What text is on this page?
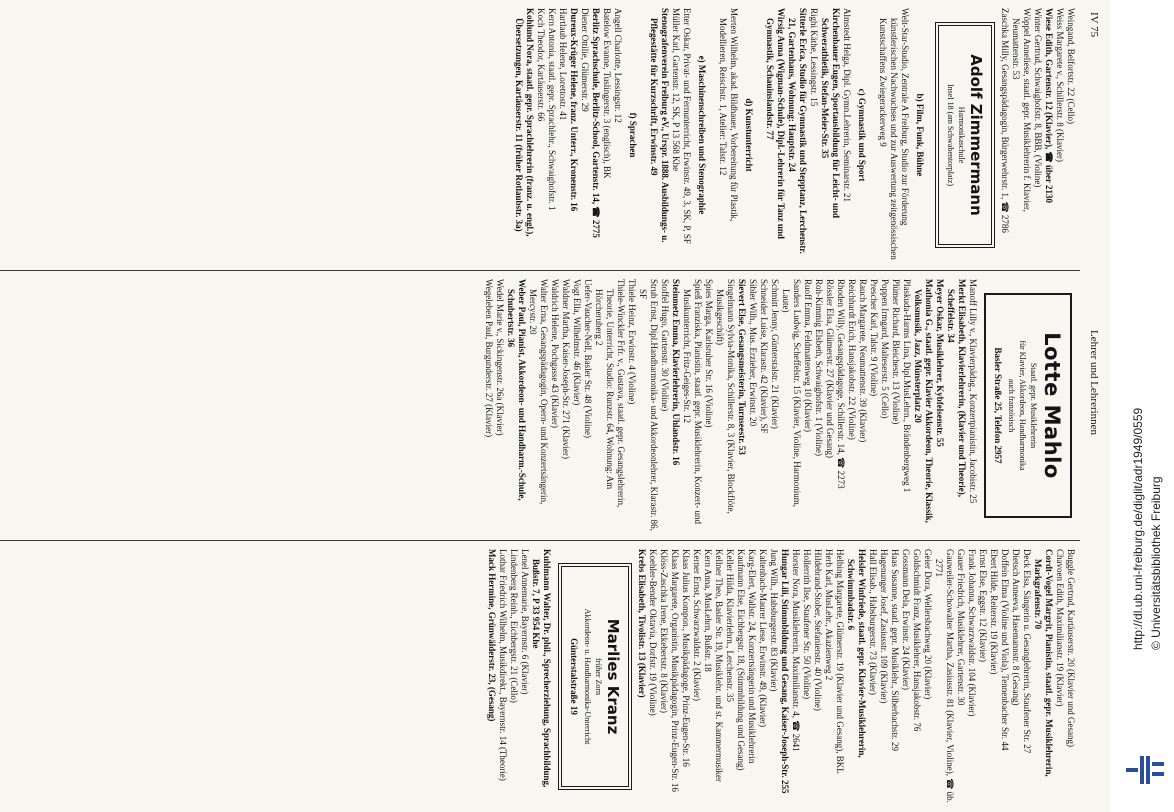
IV 75
Lehrer und Lehrerinnen
Weingand, Belfortstr. 22 (Cello)
Weiss Margarete v., Schillerstr. 8 (Klavier)
Wiese Edith, Gartenstr. 12 (Klavier), ☎ über 2130
Winter Gertrud, Schwaighofstr. 8, BBB, (Violine)
Wöppel Anneliese, staatl. gepr. Musiklehrerin f. Klavier, Neumattenstr. 53
Zaschka Milly, Gesangspädagogin, Bürgerwehrstr. 1, ☎ 2786
Adolf Zimmermann
Harmonikaschule
Insel 18 (am Schwabentorplatz)
b) Film, Funk, Bühne
Welt-Star-Studio, Zentrale A Freiburg, Studio zur Förderung künstlerischen Nachwuchses und zur Auswertung zeitgenössischen Kunstschaffens Zwiegerackerweg 9
c) Gymnastik und Sport
Almstedt Helga, Dipl. Gymn.Lehrerin, Seminarstr. 21
Kirchenbauer Eugen, Sportausbildung für Leicht- und Schwerathletik, Stefan-Meier-Str. 35
Righi Käthe, Lessingstr. 15
Sitterle Erica, Studio für Gymnastik und Stepptanz, Lerchenstr. 21, Gartenhaus, Wohnung: Hauptstr. 24
Wirsig Anna (Wigman-Schule), Dipl.-Lehrerin für Tanz und Gymnastik, Schauinslandstr. 77
d) Kunstunterricht
Merten Wilhelm, akad. Bildhauer, Vorbereitung für Plastik, Modellieren, Reischstr. 1, Atelier: Talstr. 12
e) Maschinenschreiben und Stenographie
Etter Oskar, Privat- und Fernunterricht, Erwinstr. 49, 3, SK, P, SF
Müller Karl, Gartenstr. 12, SK, P 13 568 Khe
Stenografenverein Freiburg eV., Urspr. 1888. Ausbildungs- u. Pflegestätte für Kurzschrift, Erwinstr. 49
f) Sprachen
Angell Charlotte, Lessingstr. 12
Batelow Evanne, Tuslingerstr. 3 (englisch), BK
Berlitz Sprachschule, Berlitz-School, Gartenstr. 14, ☎ 2775
Diener Ottilie, Glümerstr. 29
Dureux-Krüger Helene, franz. Unterr., Kronenstr. 16
Hartlaub Helene, Lorettostr. 41
Kern Antonia, staatl. gepr. Sprachlehr., Schwaighofstr. 1
Koch Theodor, Kartäuserstr. 66
Kohlund Nora, staatl. gepr. Sprachlehrerin (franz. u. engl.), Übersetzungen, Kartäuserstr. 11 (früher Rotlaubstr. 3a)
Lotte Mahlo
Staatl. gepr. Musiklehrerin
für Klavier, Akkordeon, Handharmonika
auch französisch
Basler Straße 25, Telefon 2957
Manoff Lilly v., Klavierpädag., Konzertpianistin, Jacobistr. 25
Merkt Elisabeth, Klavierlehrerin, (Klavier und Theorie), Scheffelstr. 34
Meyer Oskar, Musiklehrer, Kybfelsenstr. 55
Mathonia G., staatl. gepr. Klavier Akkordeon, Theorie, Klassik, Volksmusik, Jazz, Münsterplatz 20
Plaskuda-Harms Lina, Dipl.MusLehrn., Brändenbergweg 1
Plümer Richard, Bleichestr. 13 (Violine)
Poppen Irmgard, Malteserstr. 5 (Cello)
Prescher Karl, Talstr. 9 (Violine)
Rauch Margarete, Neumattenstr. 39 (Klavier)
Reichhardt Erich, Hansjakobstr. 22 (Violine)
Rhoden Willy, Gesangspädagoge, Schillerstr. 14, ☎ 2273
Rössler Elsa, Glümerstr. 27 (Klavier und Gesang)
Roh-Kimmig Elsbeth, Schwaighofstr. 1 (Violine)
Ruoff Emma, Feldmattenweg 10 (Klavier)
Sanders Ludwig, Scheffelstr. 15 (Klavier, Violine, Harmonium, Laute)
Schmitt Jenny, Günterstalstr. 21 (Klavier)
Schneider Luise, Klarastr. 42 (Klavier), SF
Sibler Wilh., Mus. Erzieher, Erwinstr. 20
Sievert Else, Gesangsmeisterin, Turnseestr. 53
Singelmann Sylvia-Monika, Schillerstr. 8, 3 (Klavier, Blockflöte, Musikgeschäft)
Spies Marga, Karlsruher Str. 16 (Violine)
Spieß Franziska, Pianistin, staatl. gepr. Musiklehrerin, Konzert- und Musikunterricht, Fritz-Geiges-Str. 12
Steinmetz Emma, Klavierlehrerin, Uhlandstr. 16
Stoffel Hugo, Gartenstr. 30 (Violine)
Strub Ernst, Dipl.Handharmonika- und Akkordeonlehrer, Klarastr. 86, SF
Thiele Heinz, Erwinstr. 4 (Violine)
Thiele-Winckler Frfr. v., Gustava, staatl. gepr. Gesangslehrerin, Theorie, Unterricht, Studio: Runzstr. 64, Wohnung: Am Hörcheruberg 2
Uefer-Vaucher-Nell, Basler Str. 48 (Violine)
Vogt Ella, Wilhelmstr. 46 (Klavier)
Waldner Martha, Kaiser-Joseph-Str. 271 (Klavier)
Waldrich Helene, Pochgasse 43 (Klavier)
Walter Erna, Gesangspädagogin, Opern- und Konzertsängerin, Mercystr. 20
Weber Paul, Pianist, Akkordeon- und Handharm.-Schule, Schubertstr. 36
Wedel Marie v., Sickingenstr. 26a (Klavier)
Wegeleben Paul, Burgunderstr. 27 (Klavier)
Buggle Gertrud, Kartäuserstr. 20 (Klavier und Gesang)
Chavoen Edith, Maximilianstr. 19 (Klavier)
Cordt-Vogel Margrit, Pianistin, staatl. gepr. Musiklehrerin, Markgrafenstr. 70
Deck Elsa, Sängerin u. Gesanglehrerin, Staufener Str. 27
Dietsch Anneeva, Hasemannstr. 8 (Gesang)
Doffein Elma (Violine und Viola), Tennenbacher Str. 44
Ebert Hilde, Reiterstr. 19 (Klavier)
Ernst Else, Eggstr. 12 (Klavier)
Frank Johanna, Schwarzwaldstr. 104 (Klavier)
Gauer Friedrich, Musiklehrer, Gartenstr. 30
Gauweiler-Schowalter Martha, Zasiusstr. 81 (Klavier, Violine), ☎ üb. 2771
Geier Dora, Wellersbachweg 20 (Klavier)
Goldschmidt Franz, Musiklehrer, Hansjakobstr. 76
Gossmann Dela, Erwinstr. 24 (Klavier)
Haas Susanne, staatl. gepr. Musiklehr., Silberbachstr. 29
Hagenunger Josef, Zasiusstr. 109 (Klavier)
Hall Elisab., Habsburgerstr. 73 (Klavier)
Helsler Winfriede, staatl. gepr. Klavier-Musiklehrerin, Schwimmbadstr. 6
Helbing Margarete, Glümerstr. 19 (Klavier und Gesang), BKL
Herb Karl, MusLehr., Akazienweg 2
Hildebrand-Stober, Stefanienstr. 40 (Violine)
Hollerrith Ilse, Staufener Str. 50 (Violine)
Horster Nora, Musiklehrerin, Maximilianstr. 4, ☎ 2641
Hungar Lili, Stimmbildung und Gesang, Kaiser-Joseph-Str. 255
Jung Wilh., Habsburgerstr. 83 (Klavier)
Kaltenbach-Maurer Liese, Erwinstr. 49, (Klavier)
Karg-Elert, Wallstr. 24, Konzertsängerin und Musiklehrerin
Kaufmann Else, Eichbergstr. 18, (Stimmbildung und Gesang)
Keller Hilda, Klavierlehrn., Lerchenstr. 35
Kellner Theo, Basler Str. 19, Musiklehr. und st. Kammermusiker
Kern Anna, MusLehrn, Bußstr. 18
Kerner Ernst, Schwarzwaldstr. 2 (Klavier)
Klaas Julius Kompon., Musikpädagoge, Prinz-Eugen-Str. 16
Klaas Margarete, Organistin, Musikpädagogin, Prinz-Eugen-Str. 16
Klöss-Zaschka Irene, Ekkebertstr. 8 (Klavier)
Koehler-Bender Oktavia, Dorfstr. 19 (Violine)
Krebs Elisabeth, Tivolistr. 13 (Klavier)
Marlies Kranz
früher Zorn
Akkordeon- u. Handharmonika-Unterricht
Günterstalstraße 19
Kuhlmann Walter, Dr. phil., Sprecherziehung, Sprachbildung, Bußstr. 7, P 33 954 Khe
Lenel Annemarie, Bayernstr. 6 (Klavier)
Lindenberg Reinh., Eichbergstr. 21 (Cello)
Lothar Friedrich Wilhelm, Musikdirekt., Bayernstr. 14 (Theorie)
Mack Hermine, Grünwälderstr. 23, (Gesang)	http://dl.ub.uni-freiburg.de/diglit/adr1949/0559 © Universitätsbibliothek Freiburg
